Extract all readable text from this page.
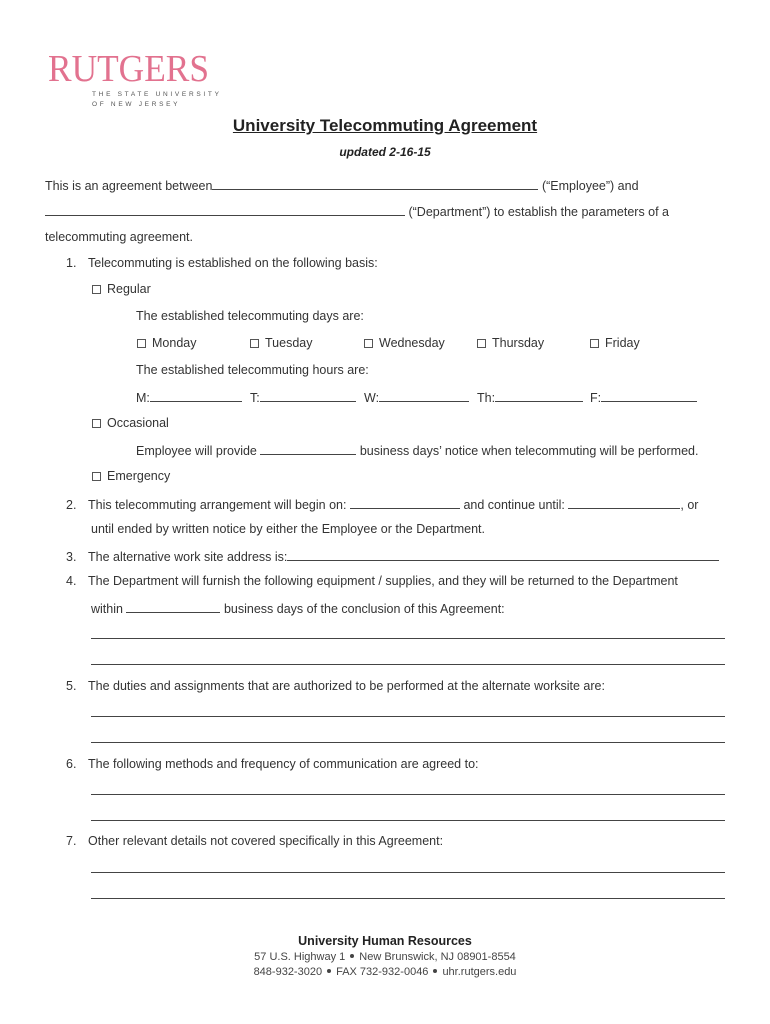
RUTGERS
THE STATE UNIVERSITY
OF NEW JERSEY
University Telecommuting Agreement
updated 2-16-15
This is an agreement between	(“Employee”) and
(“Department”) to establish the parameters of a
telecommuting agreement.
1. Telecommuting is established on the following basis:
Regular
The established telecommuting days are:
Monday	Tuesday	Wednesday	Thursday	Friday
The established telecommuting hours are:
M:	T:	W:	Th:	F:
Occasional
Employee will provide	business days’ notice when telecommuting will be performed.
Emergency
2. This telecommuting arrangement will begin on:	and continue until:	, or
until ended by written notice by either the Employee or the Department.
3. The alternative work site address is:
4. The Department will furnish the following equipment / supplies, and they will be returned to the Department
within	business days of the conclusion of this Agreement:
5. The duties and assignments that are authorized to be performed at the alternate worksite are:
6. The following methods and frequency of communication are agreed to:
7. Other relevant details not covered specifically in this Agreement:
University Human Resources
57 U.S. Highway 1 New Brunswick, NJ 08901-8554
848-932-3020 FAX 732-932-0046 uhr.rutgers.edu
